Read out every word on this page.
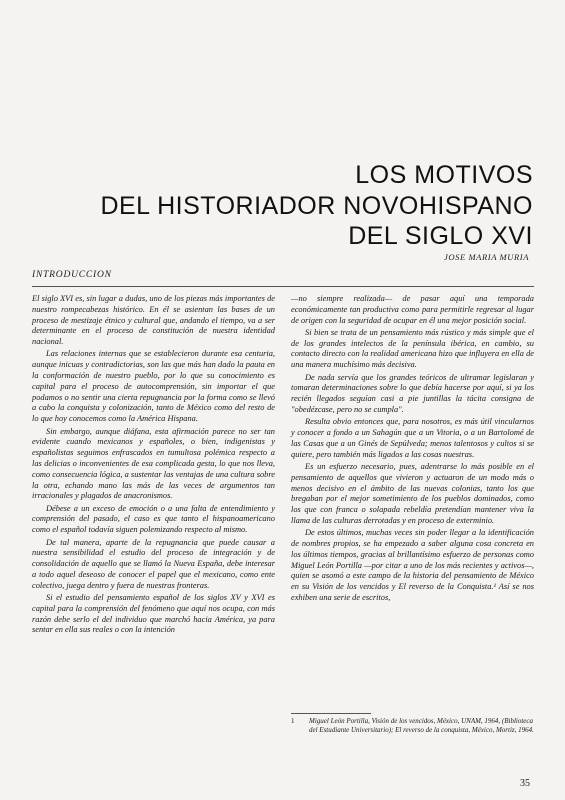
LOS MOTIVOS
DEL HISTORIADOR NOVOHISPANO
DEL SIGLO XVI
JOSE MARIA MURIA
INTRODUCCION

El siglo XVI es, sin lugar a dudas, uno de los piezas más importantes de nuestro rompecabezas histórico. En él se asientan las bases de un proceso de mestizaje étnico y cultural que, andando el tiempo, va a ser determinante en el proceso de constitución de nuestra identidad nacional.

Las relaciones internas que se establecieron durante esa centuria, aunque inicuas y contradictorias, son las que más han dado la pauta en la conformación de nuestro pueblo, por lo que su conocimiento es capital para el proceso de autocomprensión, sin importar el que podamos o no sentir una cierta repugnancia por la forma como se llevó a cabo la conquista y colonización, tanto de México como del resto de lo que hoy conocemos como la América Hispana.

Sin embargo, aunque diáfana, esta afirmación parece no ser tan evidente cuando mexicanos y españoles, o bien, indigenistas y españolistas seguimos enfrascados en tumultosa polémica respecto a las delicias o inconvenientes de esa complicada gesta, lo que nos lleva, como consecuencia lógica, a sustentar las ventajas de una cultura sobre la otra, echando mano las más de las veces de argumentos tan irracionales y plagados de anacronismos.

Débese a un exceso de emoción o a una falta de entendimiento y comprensión del pasado, el caso es que tanto el hispanoamericano como el español todavía siguen polemizando respecto al mismo.

De tal manera, aparte de la repugnancia que puede causar a nuestra sensibilidad el estudio del proceso de integración y de consolidación de aquello que se llamó la Nueva España, debe interesar a todo aquel deseoso de conocer el papel que el mexicano, como ente colectivo, juega dentro y fuera de nuestras fronteras.

Si el estudio del pensamiento español de los siglos XV y XVI es capital para la comprensión del fenómeno que aquí nos ocupa, con más razón debe serlo el del individuo que marchó hacia América, ya para sentar en ella sus reales o con la intención

—no siempre realizada— de pasar aquí una temporada económicamente tan productiva como para permitirle regresar al lugar de origen con la seguridad de ocupar en él una mejor posición social.

Si bien se trata de un pensamiento más rústico y más simple que el de los grandes intelectos de la península ibérica, en cambio, su contacto directo con la realidad americana hizo que influyera en ella de una manera muchísimo más decisiva.

De nada servía que los grandes teóricos de ultramar legislaran y tomaran determinaciones sobre lo que debía hacerse por aquí, si ya los recién llegados seguían casi a pie juntillas la tácita consigna de "obedézcase, pero no se cumpla".

Resulta obvio entonces que, para nosotros, es más útil vincularnos y conocer a fondo a un Sahagún que a un Vitoria, o a un Bartolomé de las Casas que a un Ginés de Sepúlveda; menos talentosos y cultos si se quiere, pero también más ligados a las cosas nuestras.

Es un esfuerzo necesario, pues, adentrarse lo más posible en el pensamiento de aquellos que vivieron y actuaron de un modo más o menos decisivo en el ámbito de las nuevas colonias, tanto los que bregaban por el mejor sometimiento de los pueblos dominados, como los que con franca o solapada rebeldía pretendían mantener viva la llama de las culturas derrotadas y en proceso de exterminio.

De estos últimos, muchas veces sin poder llegar a la identificación de nombres propios, se ha empezado a saber alguna cosa concreta en los últimos tiempos, gracias al brillantísimo esfuerzo de personas como Miguel León Portilla —por citar a uno de los más recientes y activos—, quien se asomó a este campo de la historia del pensamiento de México en su Visión de los vencidos y El reverso de la Conquista.¹ Así se nos exhiben una serie de escritos,

1	Miguel León Portilla, Visión de los vencidos, México, UNAM, 1964, (Biblioteca del Estudiante Universitario); El reverso de la conquista, México, Mortiz, 1964.
35
